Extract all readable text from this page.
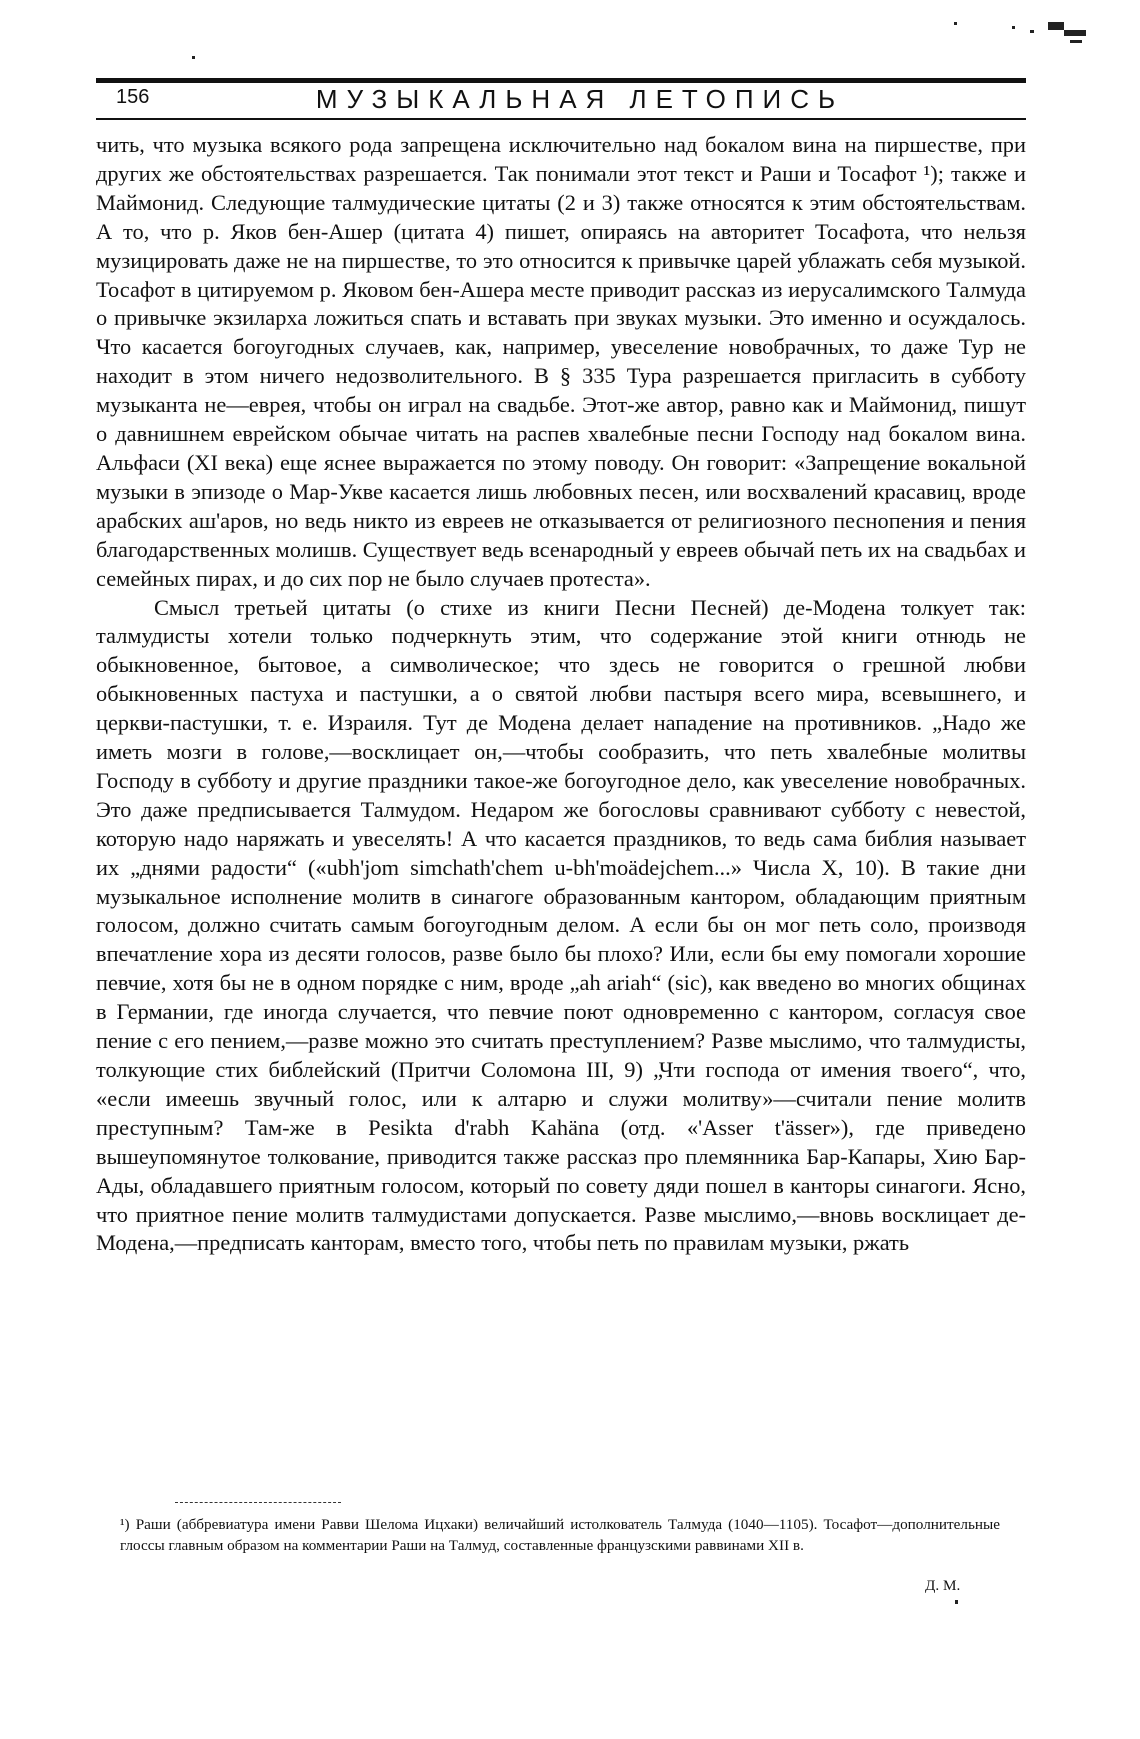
156	МУЗЫКАЛЬНАЯ ЛЕТОПИСЬ

чить, что музыка всякого рода запрещена исключительно над бокалом вина на пиршестве, при других же обстоятельствах разрешается. Так понимали этот текст и Раши и Тосафот ¹); также и Маймонид. Следующие талмудические цитаты (2 и 3) также относятся к этим обстоятельствам. А то, что р. Яков бен-Ашер (цитата 4) пишет, опираясь на авторитет Тосафота, что нельзя музицировать даже не на пиршестве, то это относится к привычке царей ублажать себя музыкой. Тосафот в цитируемом р. Яковом бен-Ашера месте приводит рассказ из иерусалимского Талмуда о привычке экзиларха ложиться спать и вставать при звуках музыки. Это именно и осуждалось. Что касается богоугодных случаев, как, например, увеселение новобрачных, то даже Тур не находит в этом ничего недозволительного. В § 335 Тура разрешается пригласить в субботу музыканта не—еврея, чтобы он играл на свадьбе. Этот-же автор, равно как и Маймонид, пишут о давнишнем еврейском обычае читать на распев хвалебные песни Господу над бокалом вина. Альфаси (XI века) еще яснее выражается по этому поводу. Он говорит: «Запрещение вокальной музыки в эпизоде о Мар-Укве касается лишь любовных песен, или восхвалений красавиц, вроде арабских аш'аров, но ведь никто из евреев не отказывается от религиозного песнопения и пения благодарственных молишв. Существует ведь всенародный у евреев обычай петь их на свадьбах и семейных пирах, и до сих пор не было случаев протеста».

Смысл третьей цитаты (о стихе из книги Песни Песней) де-Модена толкует так: талмудисты хотели только подчеркнуть этим, что содержание этой книги отнюдь не обыкновенное, бытовое, а символическое; что здесь не говорится о грешной любви обыкновенных пастуха и пастушки, а о святой любви пастыря всего мира, всевышнего, и церкви-пастушки, т. е. Израиля. Тут де Модена делает нападение на противников. „Надо же иметь мозги в голове,—восклицает он,—чтобы сообразить, что петь хвалебные молитвы Господу в субботу и другие праздники такое-же богоугодное дело, как увеселение новобрачных. Это даже предписывается Талмудом. Недаром же богословы сравнивают субботу с невестой, которую надо наряжать и увеселять! А что касается праздников, то ведь сама библия называет их „днями радости“ («ubh'jom simchath'chem u-bh'moädejchem...» Числа X, 10). В такие дни музыкальное исполнение молитв в синагоге образованным кантором, обладающим приятным голосом, должно считать самым богоугодным делом. А если бы он мог петь соло, производя впечатление хора из десяти голосов, разве было бы плохо? Или, если бы ему помогали хорошие певчие, хотя бы не в одном порядке с ним, вроде „ah ariah“ (sic), как введено во многих общинах в Германии, где иногда случается, что певчие поют одновременно с кантором, согласуя свое пение с его пением,—разве можно это считать преступлением? Разве мыслимо, что талмудисты, толкующие стих библейский (Притчи Соломона III, 9) „Чти господа от имения твоего“, что, «если имеешь звучный голос, или к алтарю и служи молитву»—считали пение молитв преступным? Там-же в Pesikta d'rabh Kahäna (отд. «'Asser t'ässer»), где приведено вышеупомянутое толкование, приводится также рассказ про племянника Бар-Капары, Хию Бар-Ады, обладавшего приятным голосом, который по совету дяди пошел в канторы синагоги. Ясно, что приятное пение молитв талмудистами допускается. Разве мыслимо,—вновь восклицает де-Модена,—предписать канторам, вместо того, чтобы петь по правилам музыки, ржать

¹) Раши (аббревиатура имени Равви Шелома Ицхаки) величайший истолкователь Талмуда (1040—1105). Тосафот—дополнительные глоссы главным образом на комментарии Раши на Талмуд, составленные французскими раввинами XII в.
Д. М.
